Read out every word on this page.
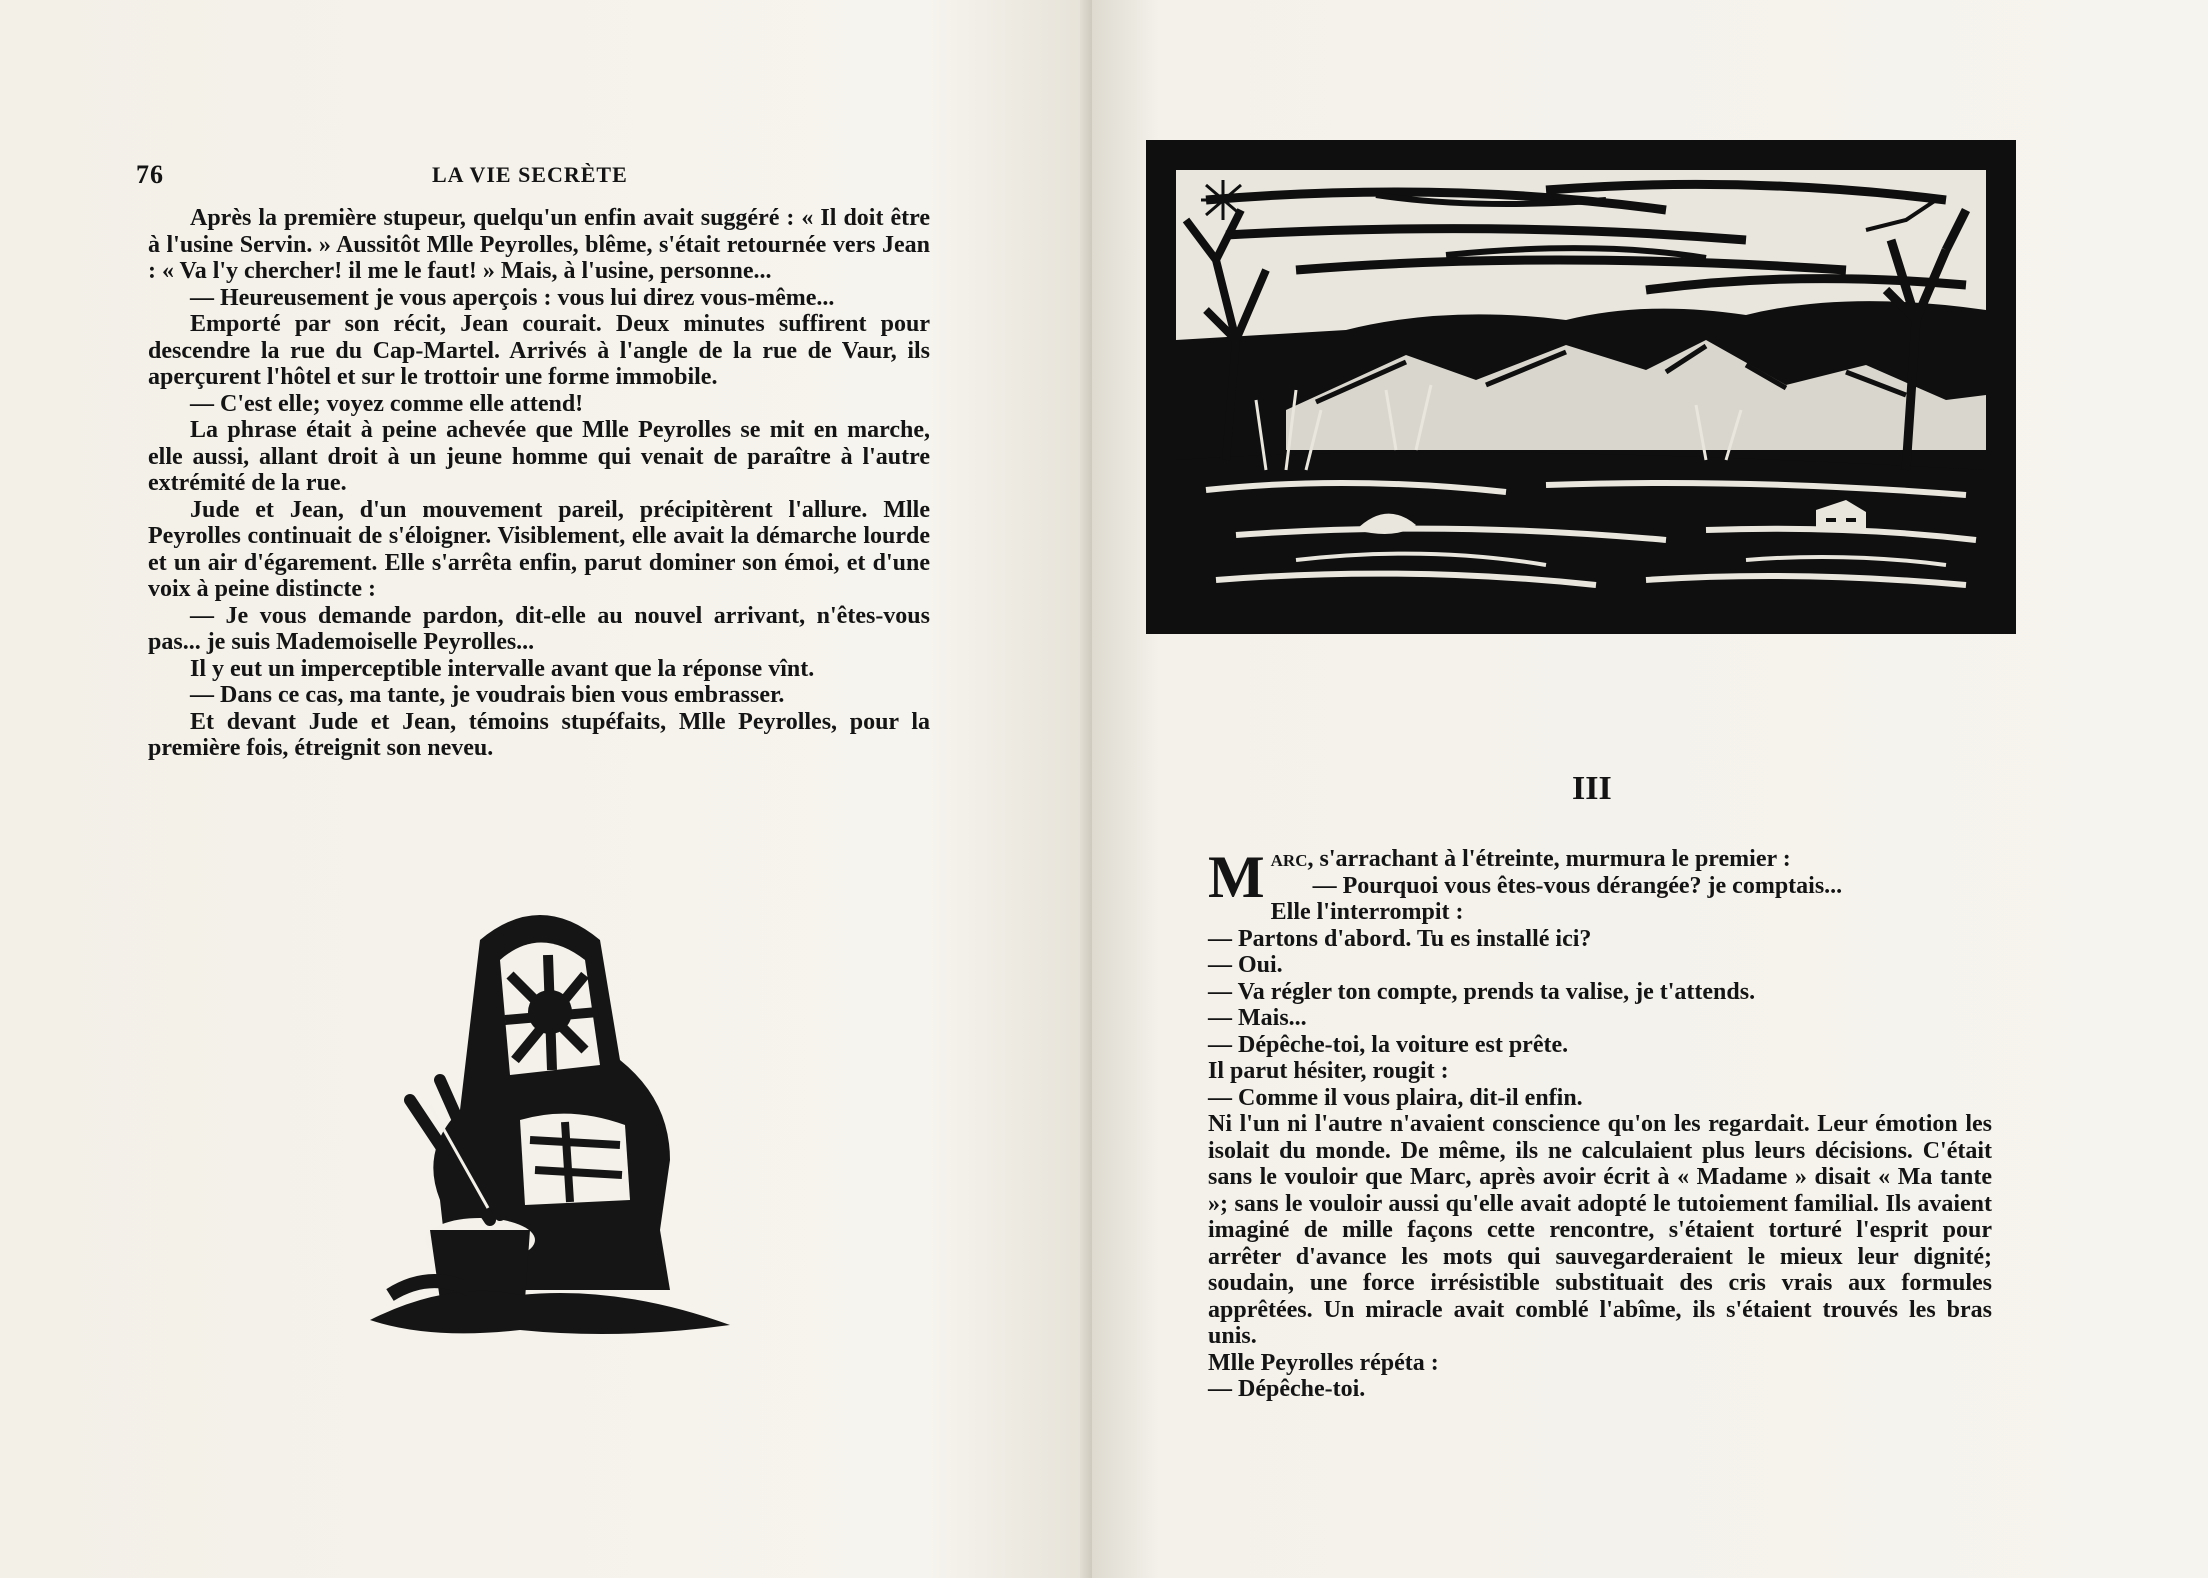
76	LA VIE SECRÈTE

Après la première stupeur, quelqu'un enfin avait suggéré : « Il doit être à l'usine Servin. » Aussitôt Mlle Peyrolles, blême, s'était retournée vers Jean : « Va l'y chercher! il me le faut! » Mais, à l'usine, personne...

— Heureusement je vous aperçois : vous lui direz vous-même...

Emporté par son récit, Jean courait. Deux minutes suffirent pour descendre la rue du Cap-Martel. Arrivés à l'angle de la rue de Vaur, ils aperçurent l'hôtel et sur le trottoir une forme immobile.

— C'est elle; voyez comme elle attend!

La phrase était à peine achevée que Mlle Peyrolles se mit en marche, elle aussi, allant droit à un jeune homme qui venait de paraître à l'autre extrémité de la rue.

Jude et Jean, d'un mouvement pareil, précipitèrent l'allure. Mlle Peyrolles continuait de s'éloigner. Visiblement, elle avait la démarche lourde et un air d'égarement. Elle s'arrêta enfin, parut dominer son émoi, et d'une voix à peine distincte :

— Je vous demande pardon, dit-elle au nouvel arrivant, n'êtes-vous pas... je suis Mademoiselle Peyrolles...

Il y eut un imperceptible intervalle avant que la réponse vînt.

— Dans ce cas, ma tante, je voudrais bien vous embrasser.

Et devant Jude et Jean, témoins stupéfaits, Mlle Peyrolles, pour la première fois, étreignit son neveu.

III

Marc, s'arrachant à l'étreinte, murmura le premier :

— Pourquoi vous êtes-vous dérangée? je comptais...

Elle l'interrompit :

— Partons d'abord. Tu es installé ici?

— Oui.

— Va régler ton compte, prends ta valise, je t'attends.

— Mais...

— Dépêche-toi, la voiture est prête.

Il parut hésiter, rougit :

— Comme il vous plaira, dit-il enfin.

Ni l'un ni l'autre n'avaient conscience qu'on les regardait. Leur émotion les isolait du monde. De même, ils ne calculaient plus leurs décisions. C'était sans le vouloir que Marc, après avoir écrit à « Madame » disait « Ma tante »; sans le vouloir aussi qu'elle avait adopté le tutoiement familial. Ils avaient imaginé de mille façons cette rencontre, s'étaient torturé l'esprit pour arrêter d'avance les mots qui sauvegarderaient le mieux leur dignité; soudain, une force irrésistible substituait des cris vrais aux formules apprêtées. Un miracle avait comblé l'abîme, ils s'étaient trouvés les bras unis.

Mlle Peyrolles répéta :

— Dépêche-toi.
